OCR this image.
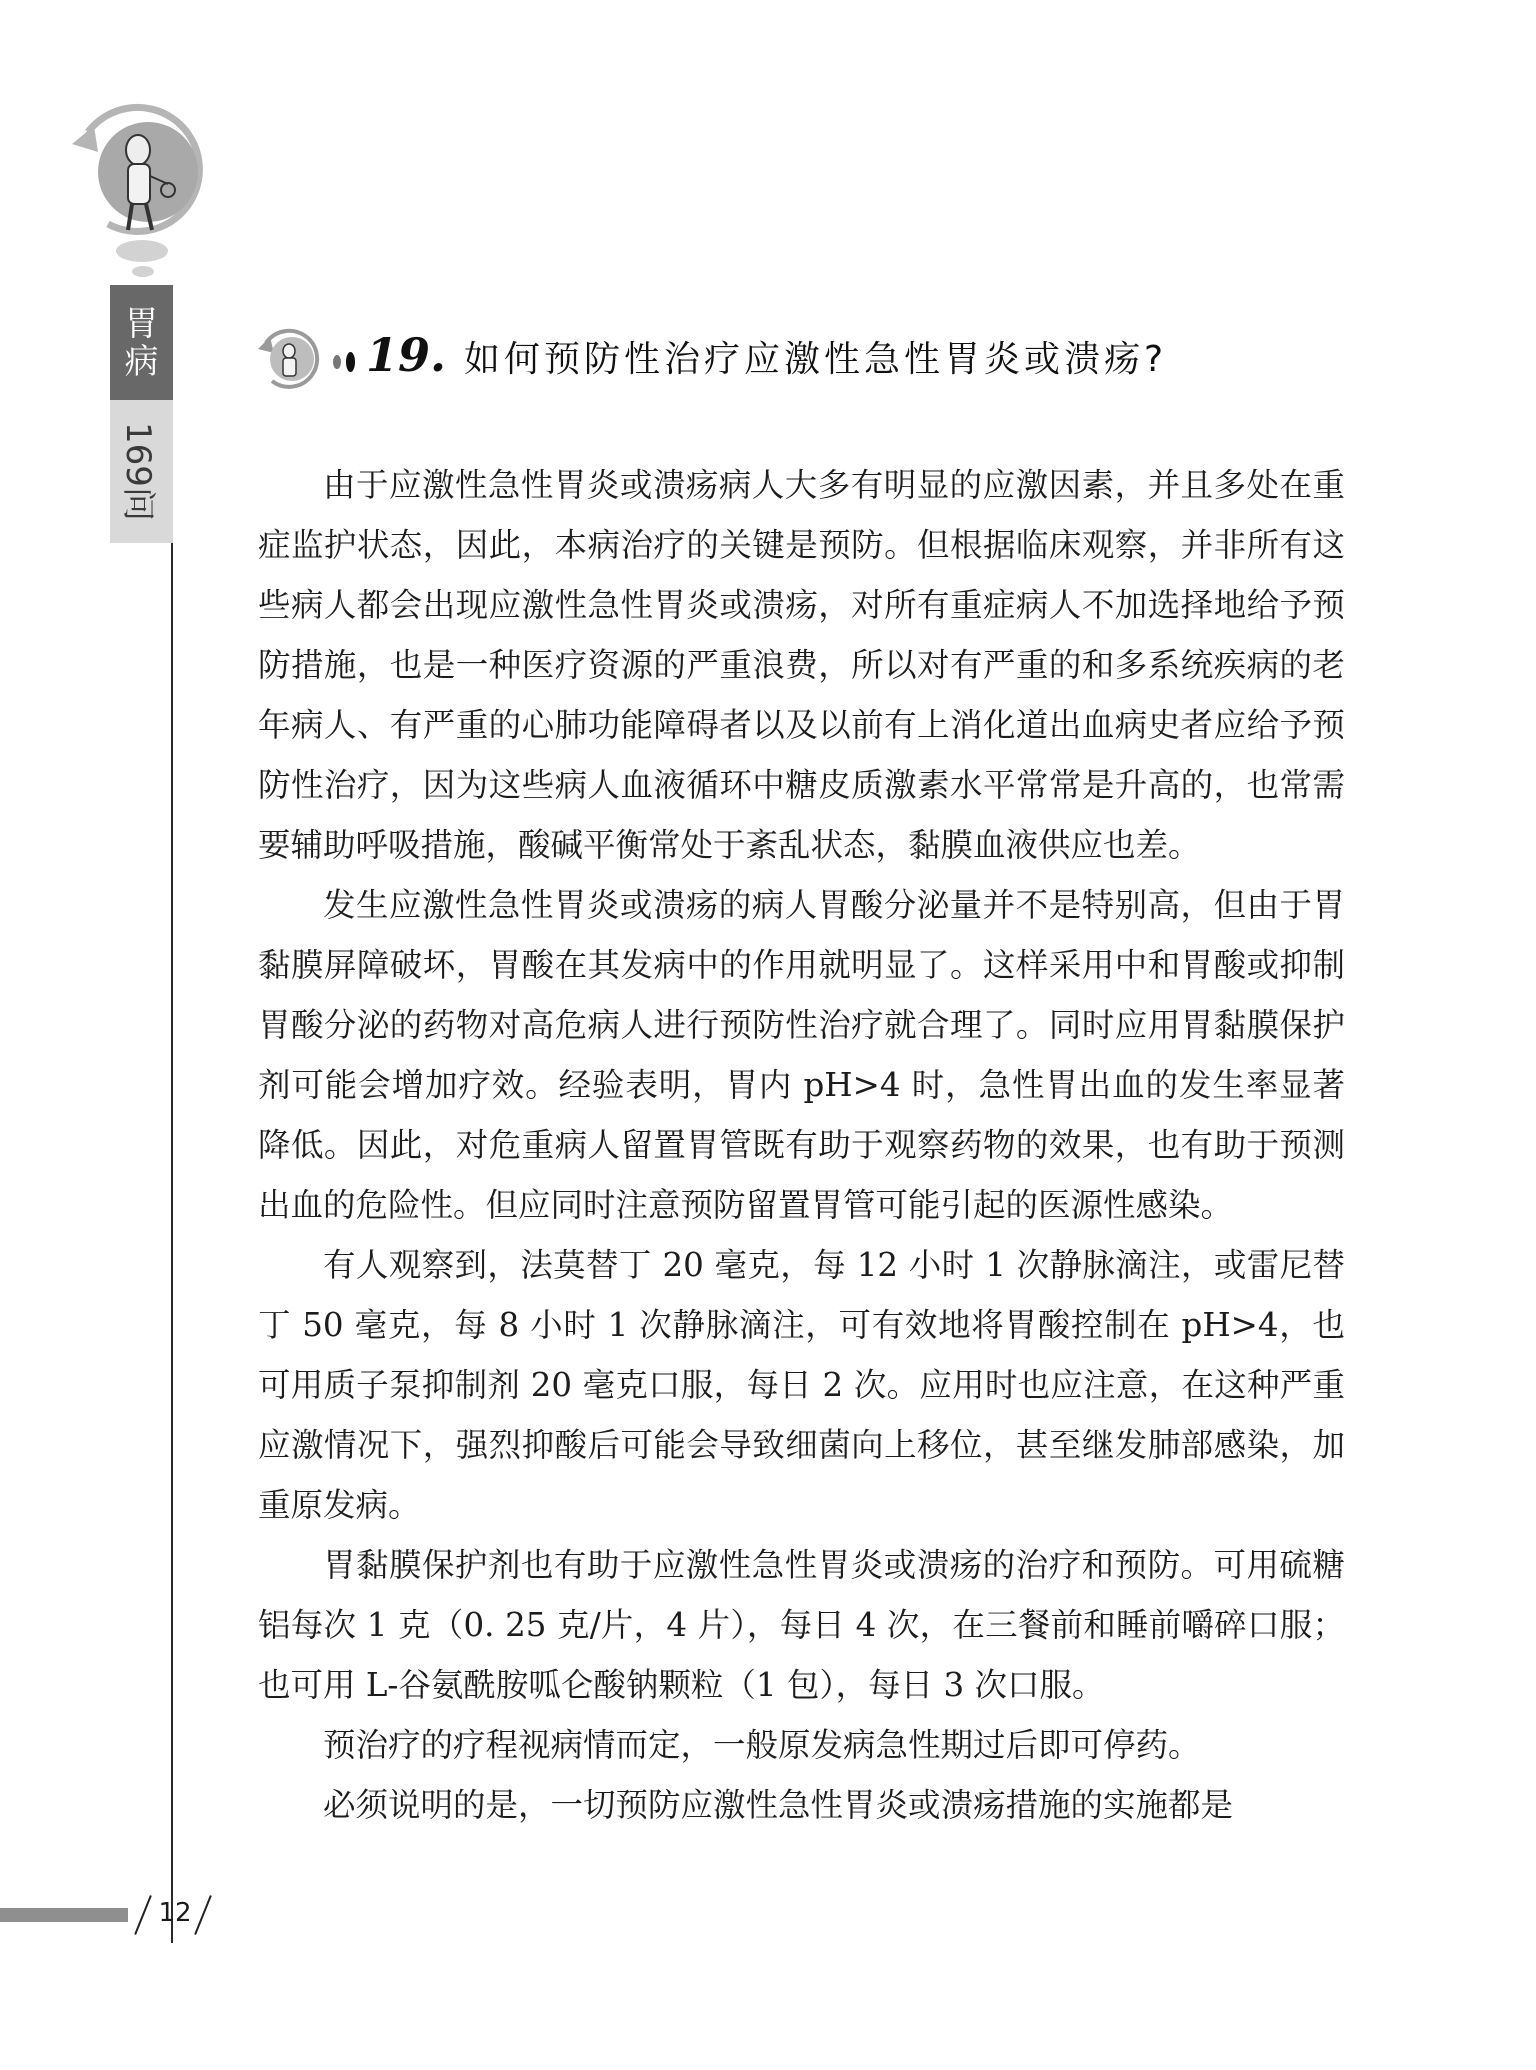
胃
病
169问
19. 如何预防性治疗应激性急性胃炎或溃疡?

由于应激性急性胃炎或溃疡病人大多有明显的应激因素，并且多处在重症监护状态，因此，本病治疗的关键是预防。但根据临床观察，并非所有这些病人都会出现应激性急性胃炎或溃疡，对所有重症病人不加选择地给予预防措施，也是一种医疗资源的严重浪费，所以对有严重的和多系统疾病的老年病人、有严重的心肺功能障碍者以及以前有上消化道出血病史者应给予预防性治疗，因为这些病人血液循环中糖皮质激素水平常常是升高的，也常需要辅助呼吸措施，酸碱平衡常处于紊乱状态，黏膜血液供应也差。

发生应激性急性胃炎或溃疡的病人胃酸分泌量并不是特别高，但由于胃黏膜屏障破坏，胃酸在其发病中的作用就明显了。这样采用中和胃酸或抑制胃酸分泌的药物对高危病人进行预防性治疗就合理了。同时应用胃黏膜保护剂可能会增加疗效。经验表明，胃内 pH>4 时，急性胃出血的发生率显著降低。因此，对危重病人留置胃管既有助于观察药物的效果，也有助于预测出血的危险性。但应同时注意预防留置胃管可能引起的医源性感染。

有人观察到，法莫替丁 20 毫克，每 12 小时 1 次静脉滴注，或雷尼替丁 50 毫克，每 8 小时 1 次静脉滴注，可有效地将胃酸控制在 pH>4，也可用质子泵抑制剂 20 毫克口服，每日 2 次。应用时也应注意，在这种严重应激情况下，强烈抑酸后可能会导致细菌向上移位，甚至继发肺部感染，加重原发病。

胃黏膜保护剂也有助于应激性急性胃炎或溃疡的治疗和预防。可用硫糖铝每次 1 克（0. 25 克/片，4 片），每日 4 次，在三餐前和睡前嚼碎口服；也可用 L-谷氨酰胺呱仑酸钠颗粒（1 包），每日 3 次口服。

预治疗的疗程视病情而定，一般原发病急性期过后即可停药。

必须说明的是，一切预防应激性急性胃炎或溃疡措施的实施都是

12
